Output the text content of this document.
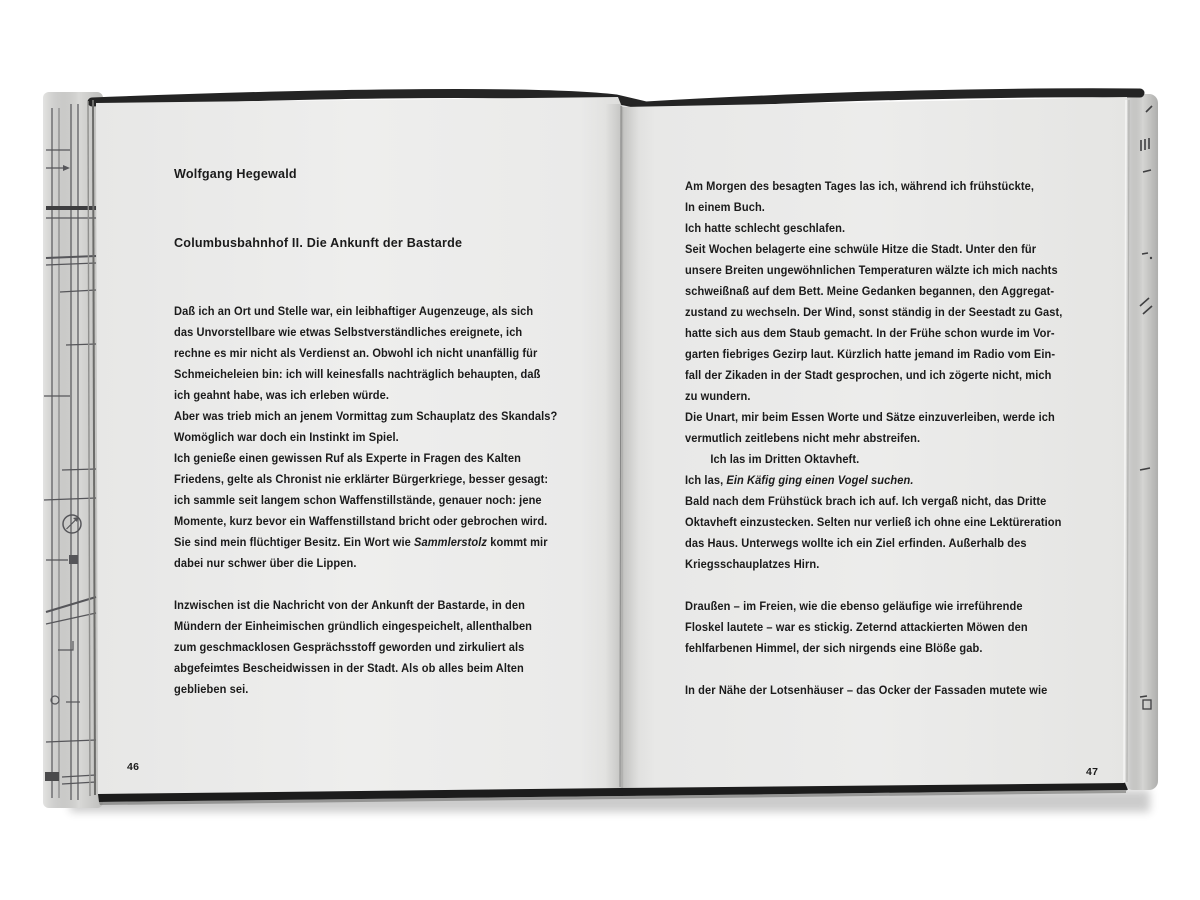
Wolfgang Hegewald
Columbusbahnhof II. Die Ankunft der Bastarde
Daß ich an Ort und Stelle war, ein leibhaftiger Augenzeuge, als sich
das Unvorstellbare wie etwas Selbstverständliches ereignete, ich
rechne es mir nicht als Verdienst an. Obwohl ich nicht unanfällig für
Schmeicheleien bin: ich will keinesfalls nachträglich behaupten, daß
ich geahnt habe, was ich erleben würde.
Aber was trieb mich an jenem Vormittag zum Schauplatz des Skandals?
Womöglich war doch ein Instinkt im Spiel.
Ich genieße einen gewissen Ruf als Experte in Fragen des Kalten
Friedens, gelte als Chronist nie erklärter Bürgerkriege, besser gesagt:
ich sammle seit langem schon Waffenstillstände, genauer noch: jene
Momente, kurz bevor ein Waffenstillstand bricht oder gebrochen wird.
Sie sind mein flüchtiger Besitz. Ein Wort wie Sammlerstolz kommt mir
dabei nur schwer über die Lippen.
Inzwischen ist die Nachricht von der Ankunft der Bastarde, in den
Mündern der Einheimischen gründlich eingespeichelt, allenthalben
zum geschmacklosen Gesprächsstoff geworden und zirkuliert als
abgefeimtes Bescheidwissen in der Stadt. Als ob alles beim Alten
geblieben sei.
Am Morgen des besagten Tages las ich, während ich frühstückte,
In einem Buch.
Ich hatte schlecht geschlafen.
Seit Wochen belagerte eine schwüle Hitze die Stadt. Unter den für
unsere Breiten ungewöhnlichen Temperaturen wälzte ich mich nachts
schweißnaß auf dem Bett. Meine Gedanken begannen, den Aggregat-
zustand zu wechseln. Der Wind, sonst ständig in der Seestadt zu Gast,
hatte sich aus dem Staub gemacht. In der Frühe schon wurde im Vor-
garten fiebriges Gezirp laut. Kürzlich hatte jemand im Radio vom Ein-
fall der Zikaden in der Stadt gesprochen, und ich zögerte nicht, mich
zu wundern.
Die Unart, mir beim Essen Worte und Sätze einzuverleiben, werde ich
vermutlich zeitlebens nicht mehr abstreifen.
Ich las im Dritten Oktavheft.
Ich las, Ein Käfig ging einen Vogel suchen.
Bald nach dem Frühstück brach ich auf. Ich vergaß nicht, das Dritte
Oktavheft einzustecken. Selten nur verließ ich ohne eine Lektüreration
das Haus. Unterwegs wollte ich ein Ziel erfinden. Außerhalb des
Kriegsschauplatzes Hirn.
Draußen – im Freien, wie die ebenso geläufige wie irreführende
Floskel lautete – war es stickig. Zeternd attackierten Möwen den
fehlfarbenen Himmel, der sich nirgends eine Blöße gab.
In der Nähe der Lotsenhäuser – das Ocker der Fassaden mutete wie
46	47
